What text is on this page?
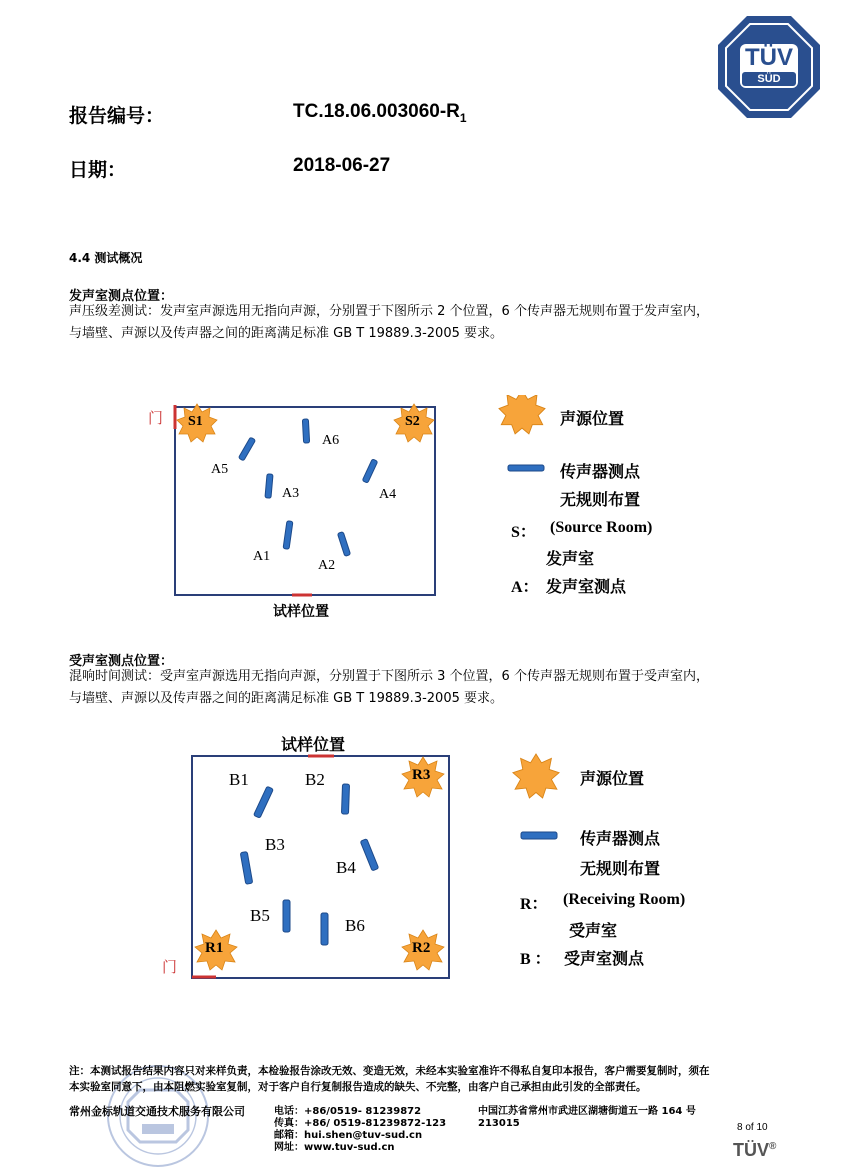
TÜV
SÜD
报告编号：	$TC.18.06.003060-R_1$
日期：	2018-06-27
4.4 测试概况
发声室测点位置：
声压级差测试：发声室声源选用无指向声源，分别置于下图所示 2 个位置，6 个传声器无规则布置于发声室内，
与墙壁、声源以及传声器之间的距离满足标准 GB T 19889.3-2005 要求。
门 S1	S2
A6
A5
A3	A4
A1
A2
试样位置
声源位置
传声器测点
无规则布置
S： (Source Room)
发声室
A： 发声室测点
受声室测点位置：
混响时间测试：受声室声源选用无指向声源，分别置于下图所示 3 个位置，6 个传声器无规则布置于受声室内，
与墙壁、声源以及传声器之间的距离满足标准 GB T 19889.3-2005 要求。
试样位置
R3
R1	R2
门
B1	B2
B3
B4
B5
B6
声源位置
传声器测点
无规则布置
R： (Receiving Room)
受声室
B ： 受声室测点
注：本测试报告结果内容只对来样负责，本检验报告涂改无效、变造无效，未经本实验室准许不得私自复印本报告，客户需要复制时，须在
本实验室同意下，由本阻燃实验室复制，对于客户自行复制报告造成的缺失、不完整，由客户自己承担由此引发的全部责任。
常州金标轨道交通技术服务有限公司	电话：+86/0519- 81239872
传真：+86/ 0519-81239872-123
邮箱：hui.shen@tuv-sud.cn
网址：www.tuv-sud.cn
中国江苏省常州市武进区湖塘街道五一路 164 号
213015	8 of 10
TÜV®
